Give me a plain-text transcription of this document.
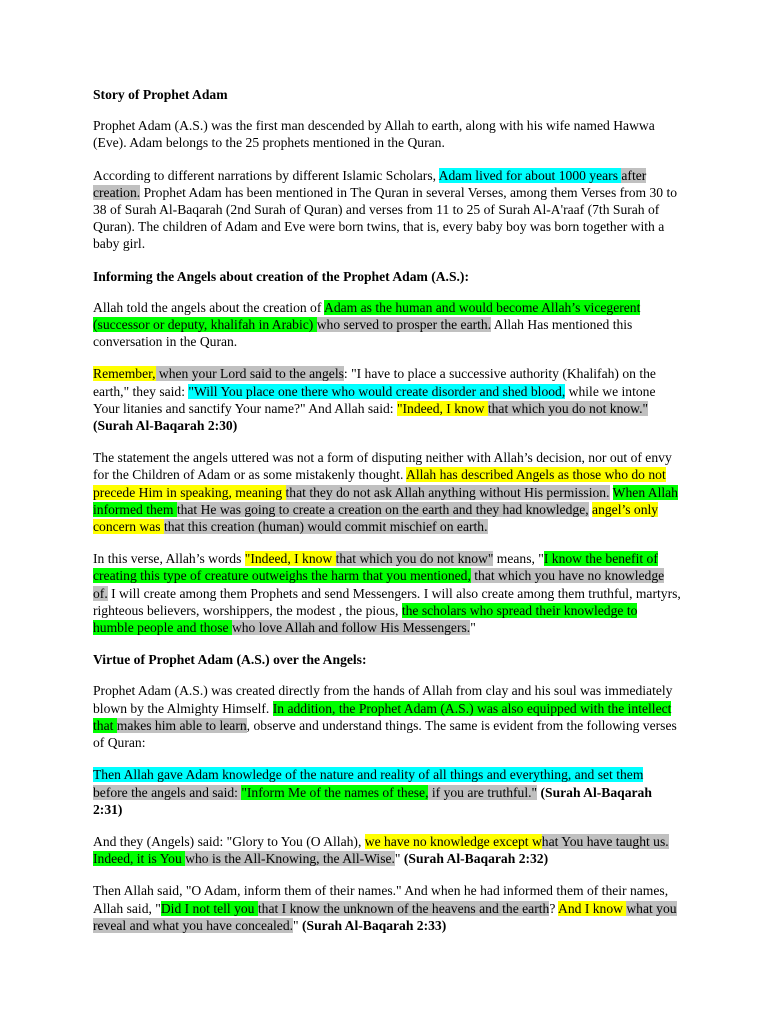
Story of Prophet Adam
Prophet Adam (A.S.) was the first man descended by Allah to earth, along with his wife named Hawwa (Eve). Adam belongs to the 25 prophets mentioned in the Quran.
According to different narrations by different Islamic Scholars, Adam lived for about 1000 years after creation. Prophet Adam has been mentioned in The Quran in several Verses, among them Verses from 30 to 38 of Surah Al-Baqarah (2nd Surah of Quran) and verses from 11 to 25 of Surah Al-A'raaf (7th Surah of Quran). The children of Adam and Eve were born twins, that is, every baby boy was born together with a baby girl.
Informing the Angels about creation of the Prophet Adam (A.S.):
Allah told the angels about the creation of Adam as the human and would become Allah’s vicegerent (successor or deputy, khalifah in Arabic) who served to prosper the earth. Allah Has mentioned this conversation in the Quran.
Remember, when your Lord said to the angels: "I have to place a successive authority (Khalifah) on the earth," they said: "Will You place one there who would create disorder and shed blood, while we intone Your litanies and sanctify Your name?" And Allah said: "Indeed, I know that which you do not know." (Surah Al-Baqarah 2:30)
The statement the angels uttered was not a form of disputing neither with Allah’s decision, nor out of envy for the Children of Adam or as some mistakenly thought. Allah has described Angels as those who do not precede Him in speaking, meaning that they do not ask Allah anything without His permission. When Allah informed them that He was going to create a creation on the earth and they had knowledge, angel’s only concern was that this creation (human) would commit mischief on earth.
In this verse, Allah’s words "Indeed, I know that which you do not know" means, "I know the benefit of creating this type of creature outweighs the harm that you mentioned, that which you have no knowledge of. I will create among them Prophets and send Messengers. I will also create among them truthful, martyrs, righteous believers, worshippers, the modest , the pious, the scholars who spread their knowledge to humble people and those who love Allah and follow His Messengers."
Virtue of Prophet Adam (A.S.) over the Angels:
Prophet Adam (A.S.) was created directly from the hands of Allah from clay and his soul was immediately blown by the Almighty Himself. In addition, the Prophet Adam (A.S.) was also equipped with the intellect that makes him able to learn, observe and understand things. The same is evident from the following verses of Quran:
Then Allah gave Adam knowledge of the nature and reality of all things and everything, and set them before the angels and said: "Inform Me of the names of these, if you are truthful." (Surah Al-Baqarah 2:31)
And they (Angels) said: "Glory to You (O Allah), we have no knowledge except what You have taught us. Indeed, it is You who is the All-Knowing, the All-Wise." (Surah Al-Baqarah 2:32)
Then Allah said, "O Adam, inform them of their names." And when he had informed them of their names, Allah said, "Did I not tell you that I know the unknown of the heavens and the earth? And I know what you reveal and what you have concealed." (Surah Al-Baqarah 2:33)
